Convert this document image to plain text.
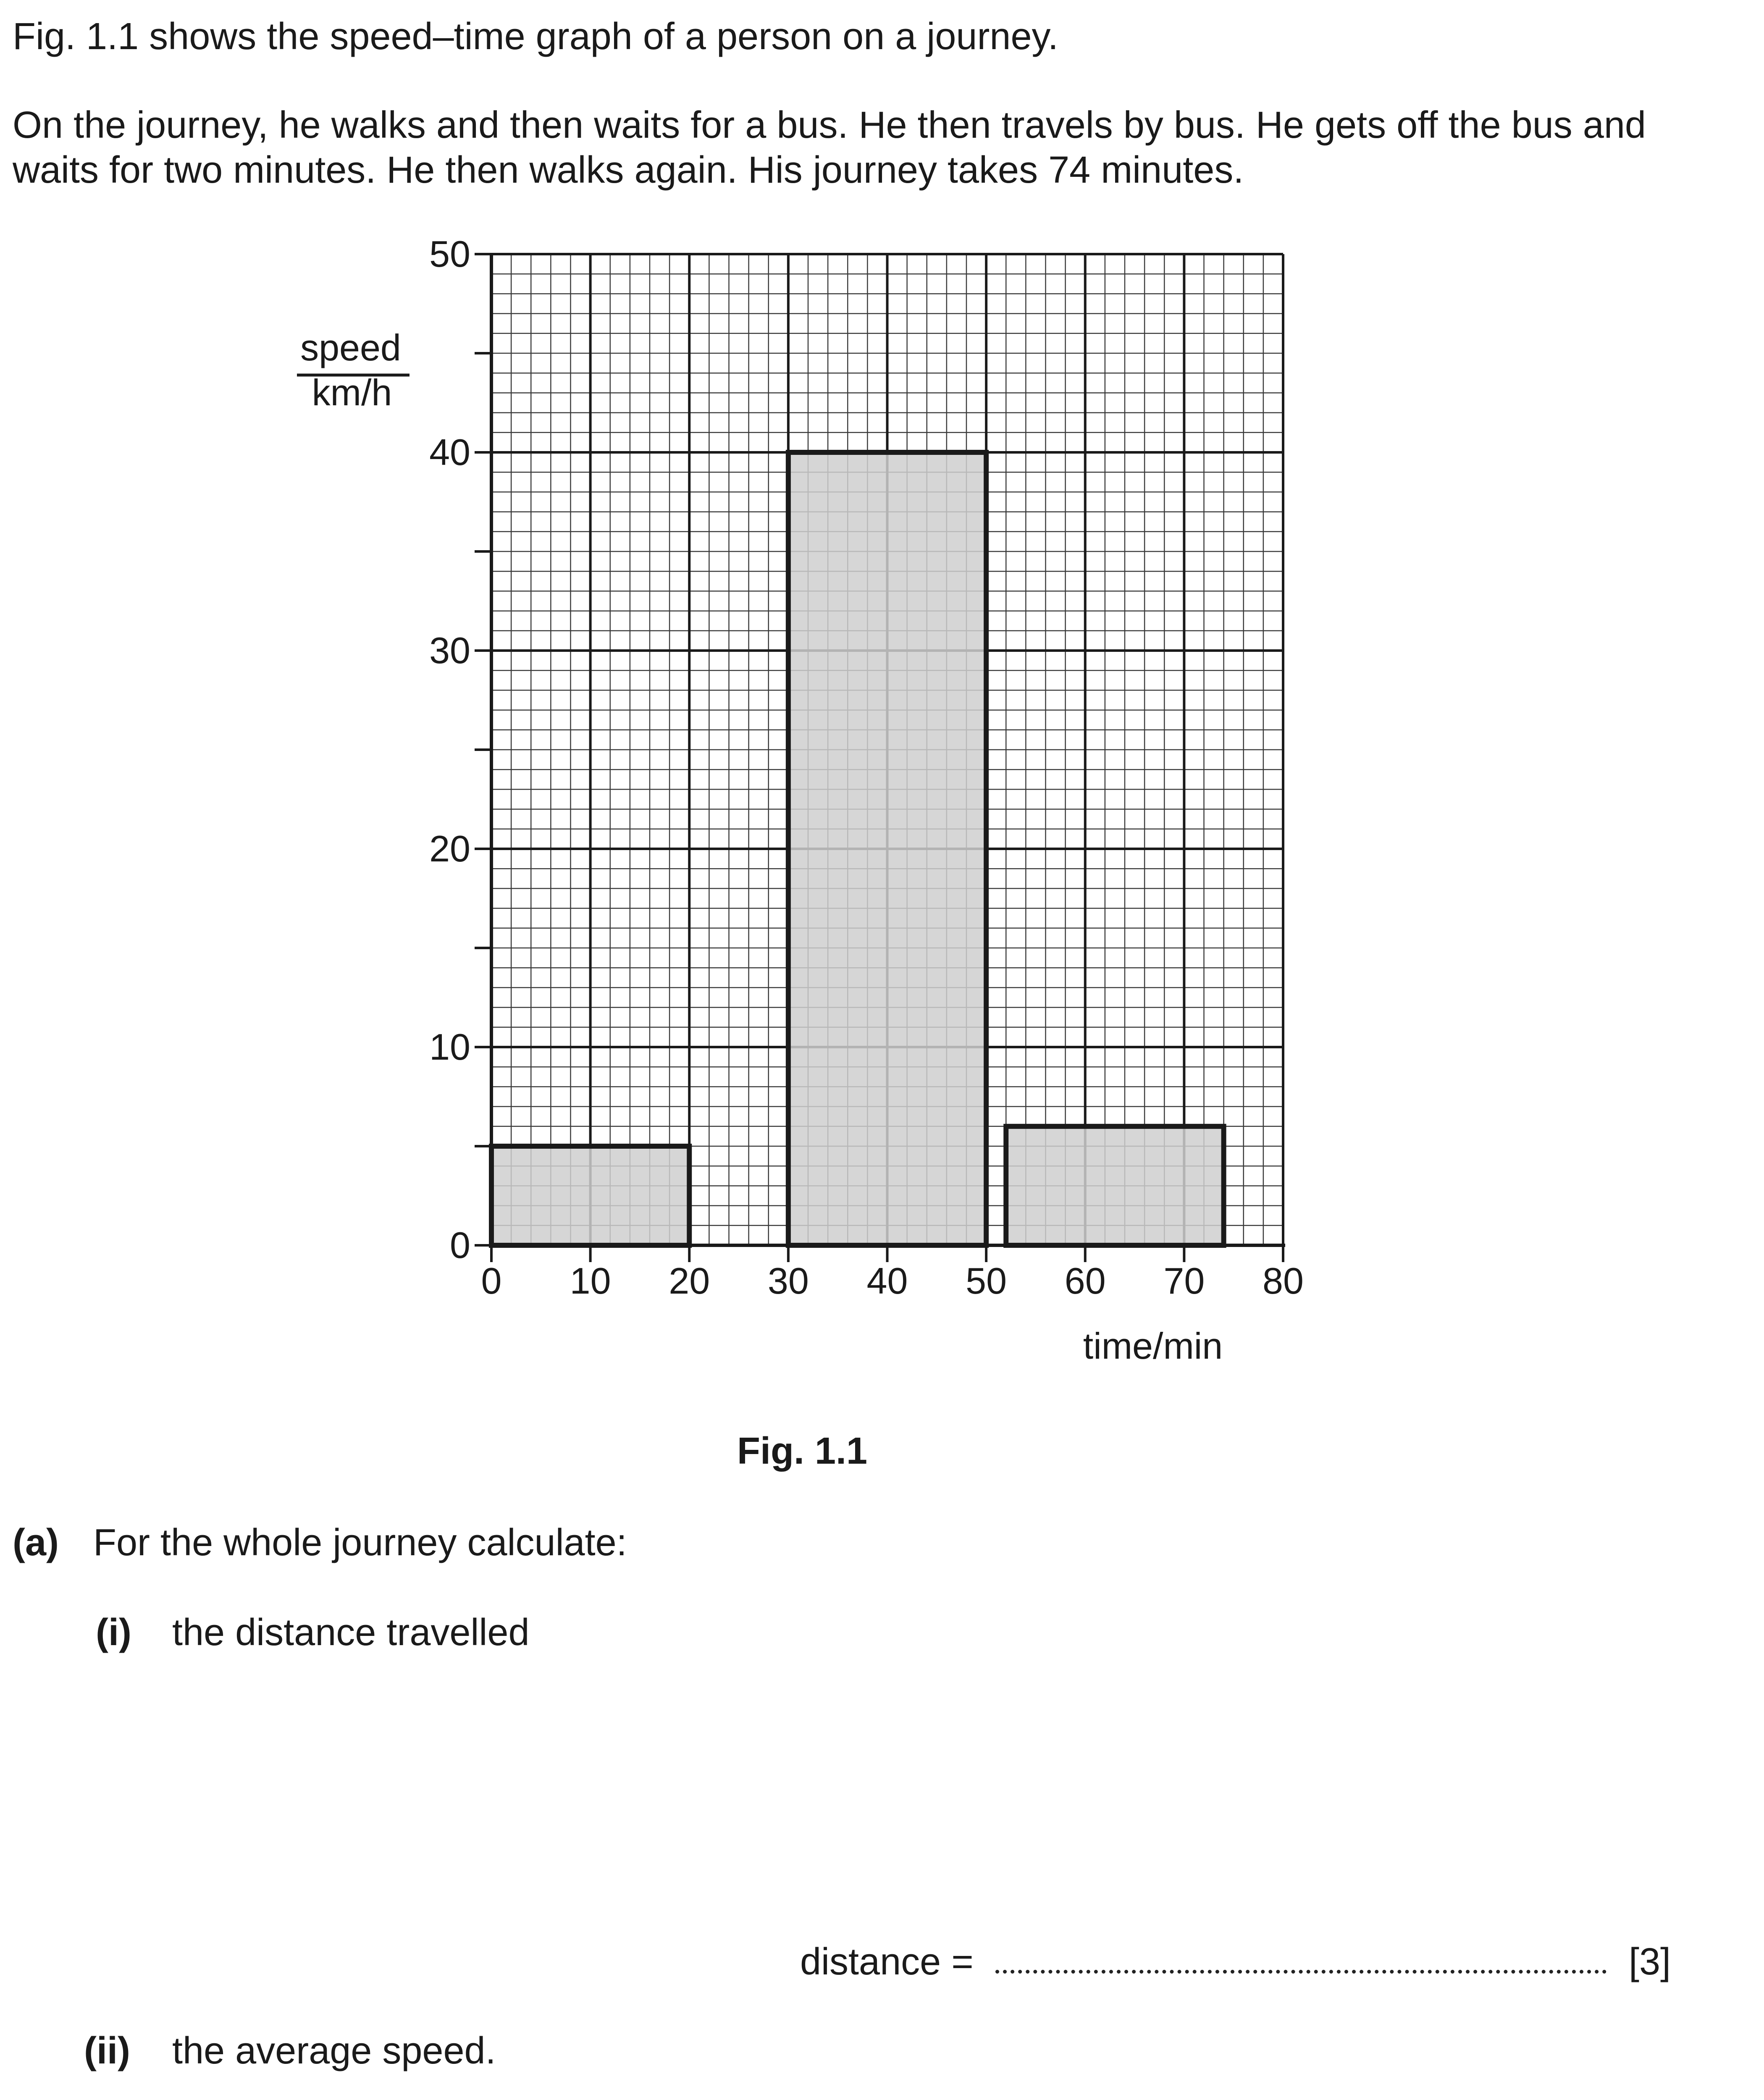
Fig. 1.1 shows the speed–time graph of a person on a journey.
On the journey, he walks and then waits for a bus. He then travels by bus. He gets off the bus and
waits for two minutes. He then walks again. His journey takes 74 minutes.
0
10
20
30
40
50
0 10 20 30 40 50 60 70 80
speed
km/h
time/min
Fig. 1.1
(a) For the whole journey calculate:
(i) the distance travelled
distance =	[3]
(ii) the average speed.
